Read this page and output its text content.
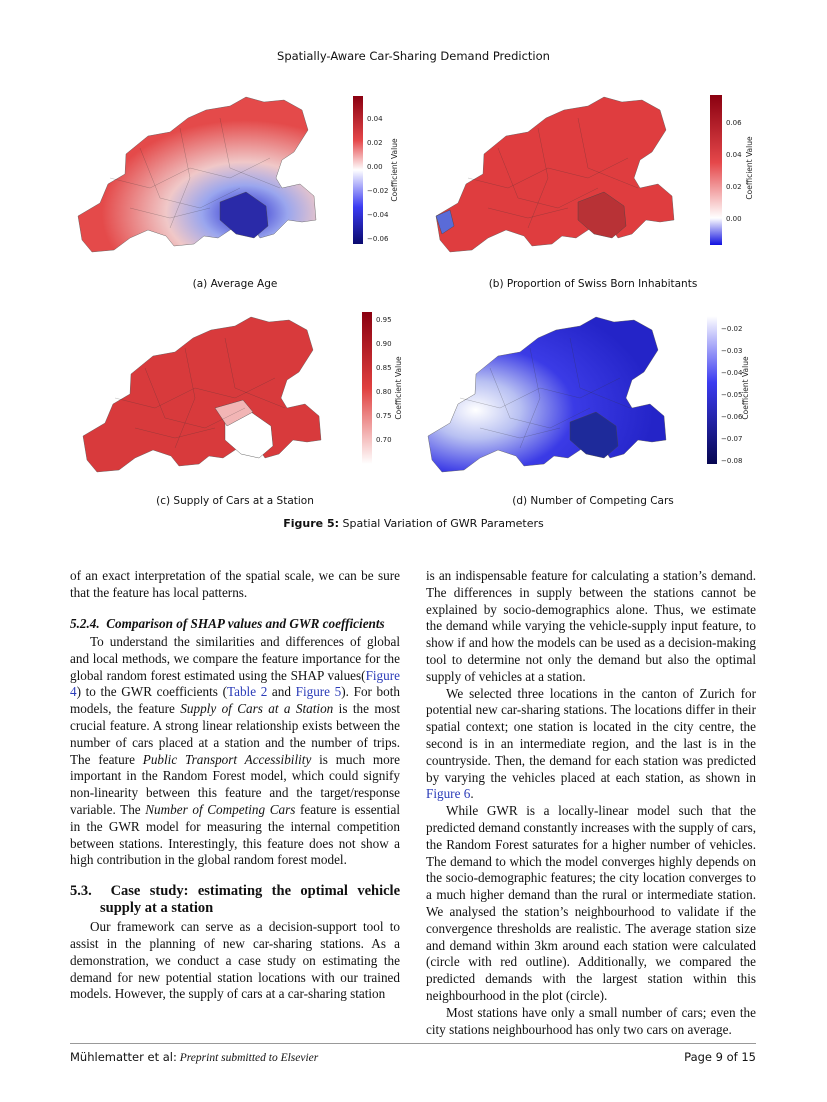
Spatially-Aware Car-Sharing Demand Prediction
0.04
0.02
0.00
−0.02
−0.04
−0.06
Coefficient Value
(a) Average Age
0.06
0.04
0.02
0.00
Coefficient Value
(b) Proportion of Swiss Born Inhabitants
0.95
0.90
0.85
0.80
0.75
0.70
Coefficient Value
(c) Supply of Cars at a Station
−0.02
−0.03
−0.04
−0.05
−0.06
−0.07
−0.08
Coefficient Value
(d) Number of Competing Cars
Figure 5: Spatial Variation of GWR Parameters

of an exact interpretation of the spatial scale, we can be sure that the feature has local patterns.

5.2.4. Comparison of SHAP values and GWR coefficients

To understand the similarities and differences of global and local methods, we compare the feature importance for the global random forest estimated using the SHAP values(Figure 4) to the GWR coefficients (Table 2 and Figure 5). For both models, the feature Supply of Cars at a Station is the most crucial feature. A strong linear relationship exists between the number of cars placed at a station and the number of trips. The feature Public Transport Accessibility is much more important in the Random Forest model, which could signify non-linearity between this feature and the target/response variable. The Number of Competing Cars feature is essential in the GWR model for measuring the internal competition between stations. Interestingly, this feature does not show a high contribution in the global random forest model.

5.3. Case study: estimating the optimal vehicle supply at a station

Our framework can serve as a decision-support tool to assist in the planning of new car-sharing stations. As a demonstration, we conduct a case study on estimating the demand for new potential station locations with our trained models. However, the supply of cars at a car-sharing station

is an indispensable feature for calculating a station’s demand. The differences in supply between the stations cannot be explained by socio-demographics alone. Thus, we estimate the demand while varying the vehicle-supply input feature, to show if and how the models can be used as a decision-making tool to determine not only the demand but also the optimal supply of vehicles at a station.

We selected three locations in the canton of Zurich for potential new car-sharing stations. The locations differ in their spatial context; one station is located in the city centre, the second is in an intermediate region, and the last is in the countryside. Then, the demand for each station was predicted by varying the vehicles placed at each station, as shown in Figure 6.

While GWR is a locally-linear model such that the predicted demand constantly increases with the supply of cars, the Random Forest saturates for a higher number of vehicles. The demand to which the model converges highly depends on the socio-demographic features; the city location converges to a much higher demand than the rural or intermediate station. We analysed the station’s neighbourhood to validate if the convergence thresholds are realistic. The average station size and demand within 3km around each station were calculated (circle with red outline). Additionally, we compared the predicted demands with the largest station within this neighbourhood in the plot (circle).

Most stations have only a small number of cars; even the city stations neighbourhood has only two cars on average.

Mühlematter et al: Preprint submitted to Elsevier	Page 9 of 15
